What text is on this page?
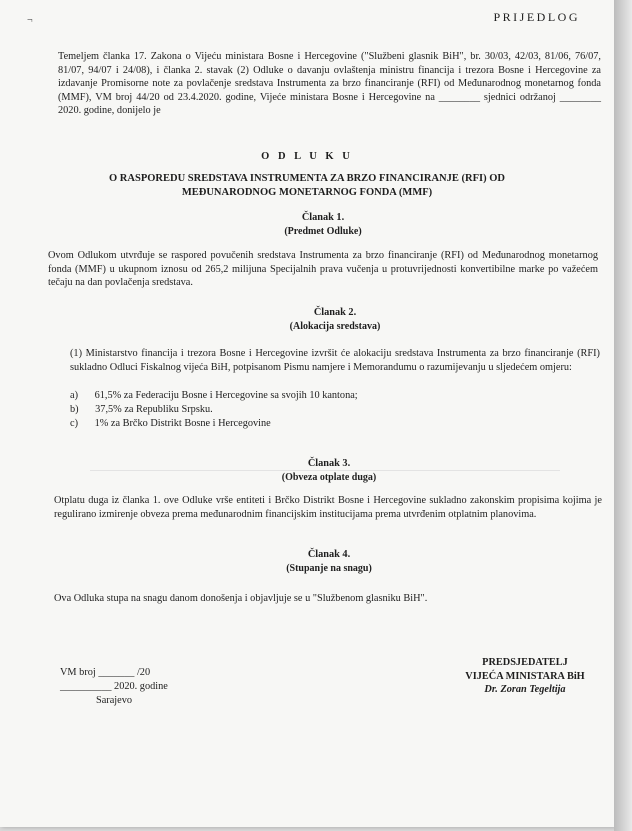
¬	PRIJEDLOG

Temeljem članka 17. Zakona o Vijeću ministara Bosne i Hercegovine ("Službeni glasnik BiH", br. 30/03, 42/03, 81/06, 76/07, 81/07, 94/07 i 24/08), i članka 2. stavak (2) Odluke o davanju ovlaštenja ministru financija i trezora Bosne i Hercegovine za izdavanje Promisorne note za povlačenje sredstava Instrumenta za brzo financiranje (RFI) od Međunarodnog monetarnog fonda (MMF), VM broj 44/20 od 23.4.2020. godine, Vijeće ministara Bosne i Hercegovine na ________ sjednici održanoj ________ 2020. godine, donijelo je

O D L U K U
O RASPOREDU SREDSTAVA INSTRUMENTA ZA BRZO FINANCIRANJE (RFI) OD
MEĐUNARODNOG MONETARNOG FONDA (MMF)
Članak 1.
(Predmet Odluke)

Ovom Odlukom utvrđuje se raspored povučenih sredstava Instrumenta za brzo financiranje (RFI) od Međunarodnog monetarnog fonda (MMF) u ukupnom iznosu od 265,2 milijuna Specijalnih prava vučenja u protuvrijednosti konvertibilne marke po važećem tečaju na dan povlačenja sredstava.

Članak 2.
(Alokacija sredstava)

(1) Ministarstvo financija i trezora Bosne i Hercegovine izvršit će alokaciju sredstava Instrumenta za brzo financiranje (RFI) sukladno Odluci Fiskalnog vijeća BiH, potpisanom Pismu namjere i Memorandumu o razumijevanju u sljedećem omjeru:

a) 61,5% za Federaciju Bosne i Hercegovine sa svojih 10 kantona;
b) 37,5% za Republiku Srpsku.
c) 1% za Brčko Distrikt Bosne i Hercegovine
Članak 3.
(Obveza otplate duga)

Otplatu duga iz članka 1. ove Odluke vrše entiteti i Brčko Distrikt Bosne i Hercegovine sukladno zakonskim propisima kojima je regulirano izmirenje obveza prema međunarodnim financijskim institucijama prema utvrđenim otplatnim planovima.

Članak 4.
(Stupanje na snagu)

Ova Odluka stupa na snagu danom donošenja i objavljuje se u "Službenom glasniku BiH".

VM broj _______ /20
__________ 2020. godine
Sarajevo
PREDSJEDATELJ
VIJEĆA MINISTARA BiH
Dr. Zoran Tegeltija
